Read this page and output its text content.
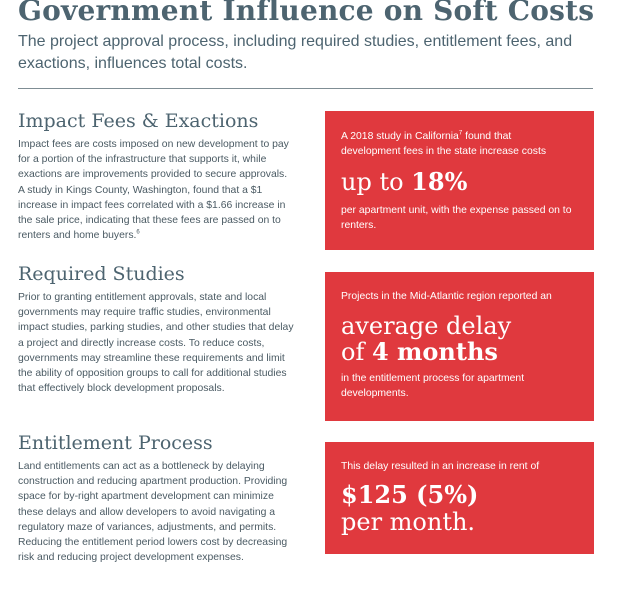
Government Influence on Soft Costs
The project approval process, including required studies, entitlement fees, and exactions, influences total costs.
Impact Fees & Exactions
Impact fees are costs imposed on new development to pay for a portion of the infrastructure that supports it, while exactions are improvements provided to secure approvals. A study in Kings County, Washington, found that a $1 increase in impact fees correlated with a $1.66 increase in the sale price, indicating that these fees are passed on to renters and home buyers.$^6$
Required Studies
Prior to granting entitlement approvals, state and local governments may require traffic studies, environmental impact studies, parking studies, and other studies that delay a project and directly increase costs. To reduce costs, governments may streamline these requirements and limit the ability of opposition groups to call for additional studies that effectively block development proposals.
Entitlement Process
Land entitlements can act as a bottleneck by delaying construction and reducing apartment production. Providing space for by-right apartment development can minimize these delays and allow developers to avoid navigating a regulatory maze of variances, adjustments, and permits. Reducing the entitlement period lowers cost by decreasing risk and reducing project development expenses.
A 2018 study in California$^7$ found that development fees in the state increase costs
up to 18%
per apartment unit, with the expense passed on to renters.
Projects in the Mid-Atlantic region reported an
average delay
of 4 months
in the entitlement process for apartment developments.
This delay resulted in an increase in rent of
$125 (5%)
per month.
